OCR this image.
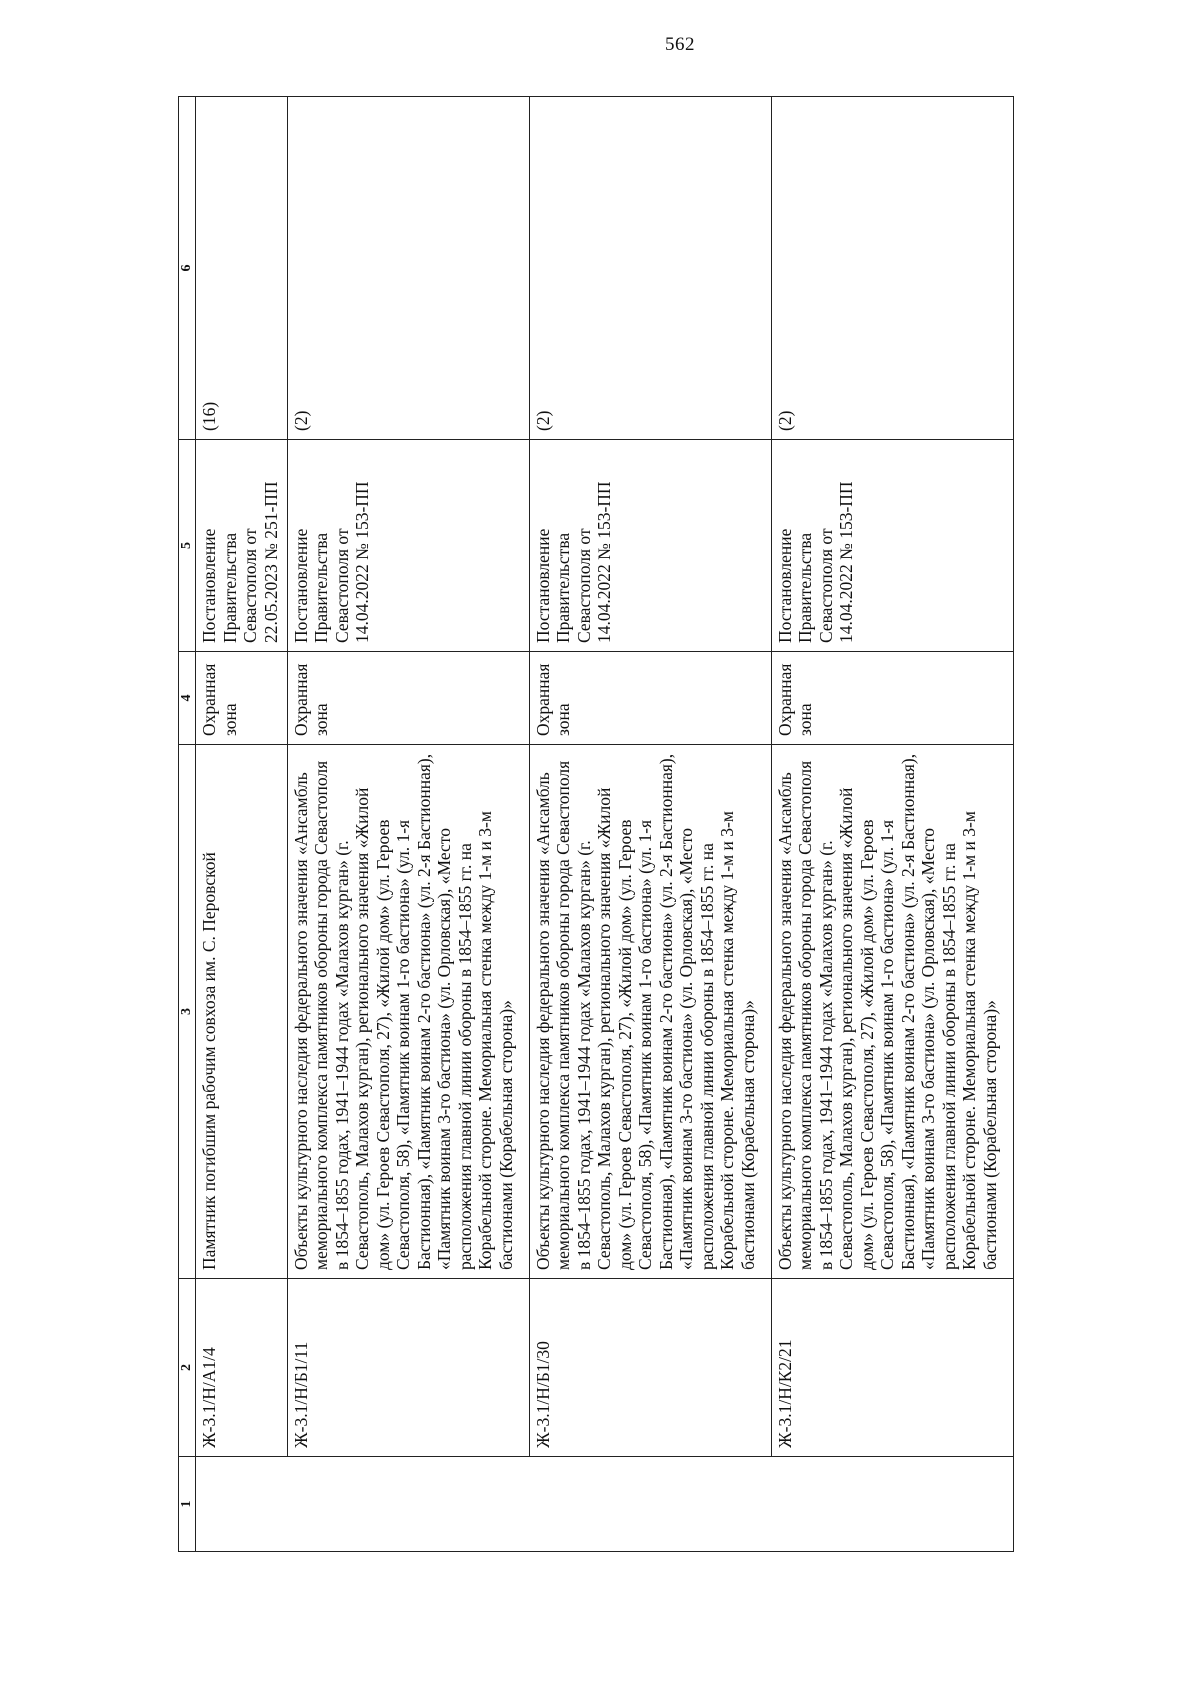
562
1	2	3	4	5	6
	Ж-3.1/Н/А1/4	Памятник погибшим рабочим совхоза им. С. Перовской	Охранная зона	Постановление Правительства Севастополя от 22.05.2023 № 251-ПП	(16)
	Ж-3.1/Н/Б1/11	Объекты культурного наследия федерального значения «Ансамбль мемориального комплекса памятников обороны города Севастополя в 1854–1855 годах, 1941–1944 годах «Малахов курган» (г. Севастополь, Малахов курган), регионального значения «Жилой дом» (ул. Героев Севастополя, 27), «Жилой дом» (ул. Героев Севастополя, 58), «Памятник воинам 1-го бастиона» (ул. 1-я Бастионная), «Памятник воинам 2-го бастиона» (ул. 2-я Бастионная), «Памятник воинам 3-го бастиона» (ул. Орловская), «Место расположения главной линии обороны в 1854–1855 гг. на Корабельной стороне. Мемориальная стенка между 1-м и 3-м бастионами (Корабельная сторона)»	Охранная зона	Постановление Правительства Севастополя от 14.04.2022 № 153-ПП	(2)
	Ж-3.1/Н/Б1/30	Объекты культурного наследия федерального значения «Ансамбль мемориального комплекса памятников обороны города Севастополя в 1854–1855 годах, 1941–1944 годах «Малахов курган» (г. Севастополь, Малахов курган), регионального значения «Жилой дом» (ул. Героев Севастополя, 27), «Жилой дом» (ул. Героев Севастополя, 58), «Памятник воинам 1-го бастиона» (ул. 1-я Бастионная), «Памятник воинам 2-го бастиона» (ул. 2-я Бастионная), «Памятник воинам 3-го бастиона» (ул. Орловская), «Место расположения главной линии обороны в 1854–1855 гг. на Корабельной стороне. Мемориальная стенка между 1-м и 3-м бастионами (Корабельная сторона)»	Охранная зона	Постановление Правительства Севастополя от 14.04.2022 № 153-ПП	(2)
	Ж-3.1/Н/К2/21	Объекты культурного наследия федерального значения «Ансамбль мемориального комплекса памятников обороны города Севастополя в 1854–1855 годах, 1941–1944 годах «Малахов курган» (г. Севастополь, Малахов курган), регионального значения «Жилой дом» (ул. Героев Севастополя, 27), «Жилой дом» (ул. Героев Севастополя, 58), «Памятник воинам 1-го бастиона» (ул. 1-я Бастионная), «Памятник воинам 2-го бастиона» (ул. 2-я Бастионная), «Памятник воинам 3-го бастиона» (ул. Орловская), «Место расположения главной линии обороны в 1854–1855 гг. на Корабельной стороне. Мемориальная стенка между 1-м и 3-м бастионами (Корабельная сторона)»	Охранная зона	Постановление Правительства Севастополя от 14.04.2022 № 153-ПП	(2)
